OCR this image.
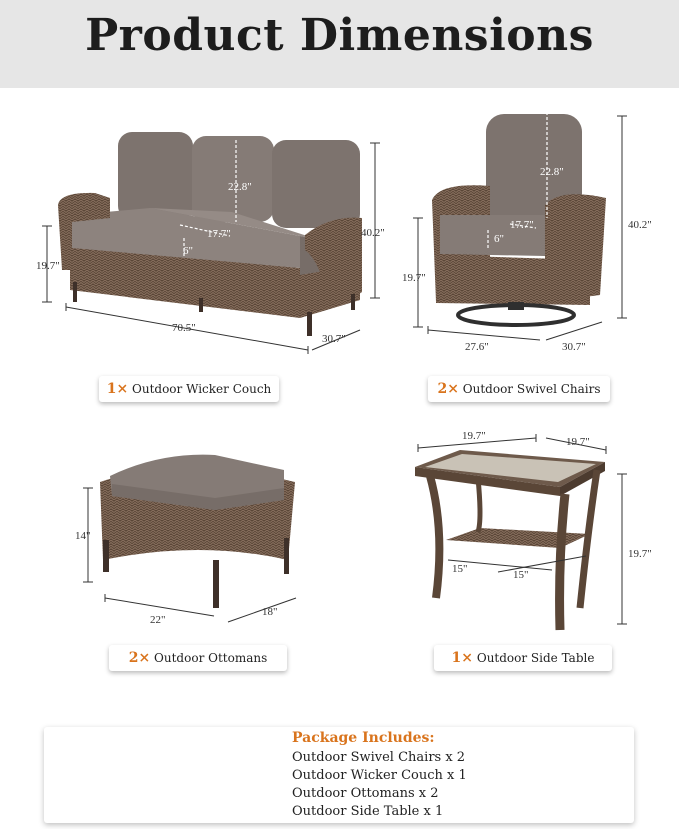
Product Dimensions
22.8"
17.7"
6"
40.2"
19.7"
70.5"
30.7"
22.8"
17.7"
6"
40.2"
19.7"
27.6"	30.7"
14"
22"
18"
19.7"	19.7"
19.7"
15"	15"
1× Outdoor Wicker Couch	2× Outdoor Swivel Chairs
2× Outdoor Ottomans	1× Outdoor Side Table
Package Includes:
Outdoor Swivel Chairs x 2
Outdoor Wicker Couch x 1
Outdoor Ottomans x 2
Outdoor Side Table x 1
